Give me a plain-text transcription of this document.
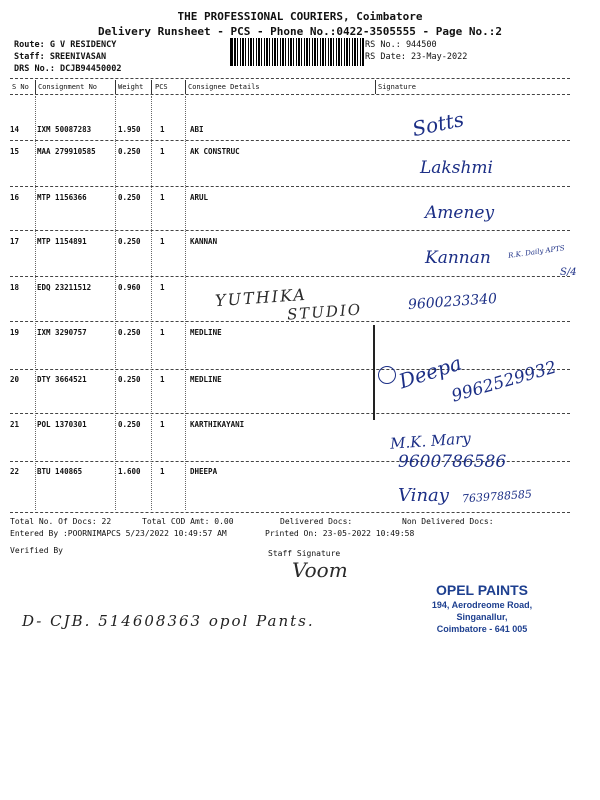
THE PROFESSIONAL COURIERS, Coimbatore
Delivery Runsheet - PCS - Phone No.:0422-3505555 - Page No.:2
Route: G V RESIDENCY
Staff: SREENIVASAN
DRS No.: DCJB94450002
RS No.: 944500
RS Date: 23-May-2022
S No Consignment No	Weight PCS	Consignee Details	Signature
14 IXM 50087283	1.950	1	ABI
15 MAA 279910585	0.250	1	AK CONSTRUC
16 MTP 1156366	0.250	1	ARUL
17 MTP 1154891	0.250	1	KANNAN
18 EDQ 23211512	0.960	1
19 IXM 3290757	0.250	1	MEDLINE
20 DTY 3664521	0.250	1	MEDLINE
21 POL 1370301	0.250	1	KARTHIKAYANI
22 BTU 140865	1.600	1	DHEEPA
Sotts
Lakshmi
Ameney
Kannan R.K. Daily APTS
S/4
YUTHIKA
STUDIO	9600233340
Deepa
9962529932
M.K. Mary
9600786586
Vinay 7639788585
Total No. Of Docs: 22	Total COD Amt: 0.00	Delivered Docs:	Non Delivered Docs:
Entered By :POORNIMAPCS 5/23/2022 10:49:57 AM	Printed On: 23-05-2022 10:49:58
Verified By	Staff Signature
Voom
D- CJB. 514608363 opol Pants.
OPEL PAINTS
194, Aerodreome Road,
Singanallur,
Coimbatore - 641 005
